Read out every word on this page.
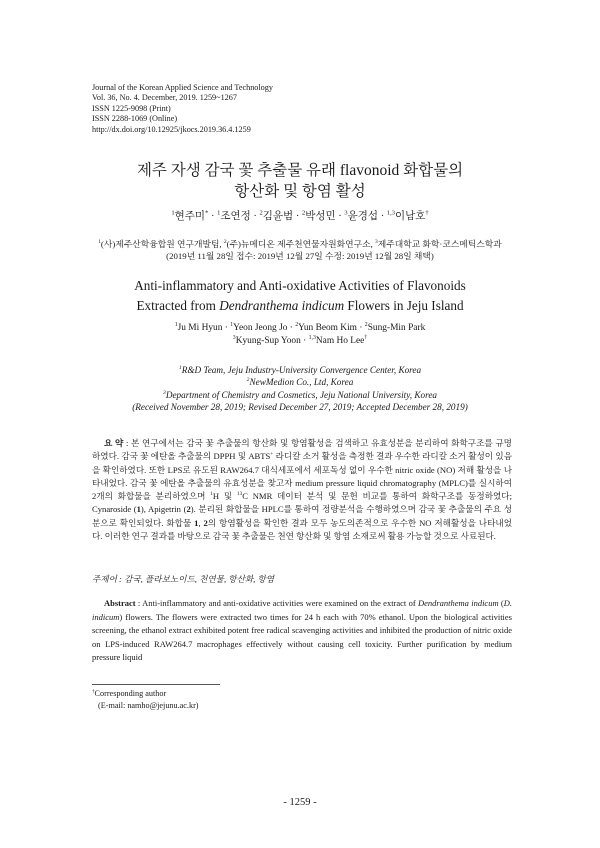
Journal of the Korean Applied Science and Technology
Vol. 36, No. 4. December, 2019. 1259~1267
ISSN 1225-9098 (Print)
ISSN 2288-1069 (Online)
http://dx.doi.org/10.12925/jkocs.2019.36.4.1259
제주 자생 감국 꽃 추출물 유래 flavonoid 화합물의
항산화 및 항염 활성
$^1$현주미* · $^1$조연정 · $^2$김윤범 · $^2$박성민 · $^3$윤경섭 · $^{1,3}$이남호†
$^1$(사)제주산학융합원 연구개발팀, $^2$(주)뉴메디온 제주천연물자원화연구소, $^3$제주대학교 화학·코스메틱스학과
(2019년 11월 28일 접수: 2019년 12월 27일 수정: 2019년 12월 28일 채택)
Anti-inflammatory and Anti-oxidative Activities of Flavonoids
Extracted from Dendranthema indicum Flowers in Jeju Island
$^1$Ju Mi Hyun · $^1$Yeon Jeong Jo · $^2$Yun Beom Kim · $^2$Sung-Min Park
$^3$Kyung-Sup Yoon · $^{1,3}$Nam Ho Lee†
$^1$R&D Team, Jeju Industry-University Convergence Center, Korea
$^2$NewMedion Co., Ltd, Korea
$^3$Department of Chemistry and Cosmetics, Jeju National University, Korea
(Received November 28, 2019; Revised December 27, 2019; Accepted December 28, 2019)
요 약 : 본 연구에서는 감국 꽃 추출물의 항산화 및 항염활성을 검색하고 유효성분을 분리하여 화학구조를 규명하였다. 감국 꽃 에탄올 추출물의 DPPH 및 ABTS+ 라디칼 소거 활성을 측정한 결과 우수한 라디칼 소거 활성이 있음을 확인하였다. 또한 LPS로 유도된 RAW264.7 대식세포에서 세포독성 없이 우수한 nitric oxide (NO) 저해 활성을 나타내었다. 감국 꽃 에탄올 추출물의 유효성분을 찾고자 medium pressure liquid chromatography (MPLC)를 실시하여 2개의 화합물을 분리하였으며 $^1$H 및 $^{13}$C NMR 데이터 분석 및 문헌 비교를 통하여 화학구조를 동정하였다; Cynaroside (1), Apigetrin (2). 분리된 화합물을 HPLC를 통하여 정량분석을 수행하였으며 감국 꽃 추출물의 주요 성분으로 확인되었다. 화합물 1, 2의 항염활성을 확인한 결과 모두 농도의존적으로 우수한 NO 저해활성을 나타내었다. 이러한 연구 결과를 바탕으로 감국 꽃 추출물은 천연 항산화 및 항염 소재로써 활용 가능할 것으로 사료된다.
주제어 : 감국, 플라보노이드, 천연물, 항산화, 항염
Abstract : Anti-inflammatory and anti-oxidative activities were examined on the extract of Dendranthema indicum (D. indicum) flowers. The flowers were extracted two times for 24 h each with 70% ethanol. Upon the biological activities screening, the ethanol extract exhibited potent free radical scavenging activities and inhibited the production of nitric oxide on LPS-induced RAW264.7 macrophages effectively without causing cell toxicity. Further purification by medium pressure liquid
†Corresponding author
(E-mail: namho@jejunu.ac.kr)
- 1259 -
